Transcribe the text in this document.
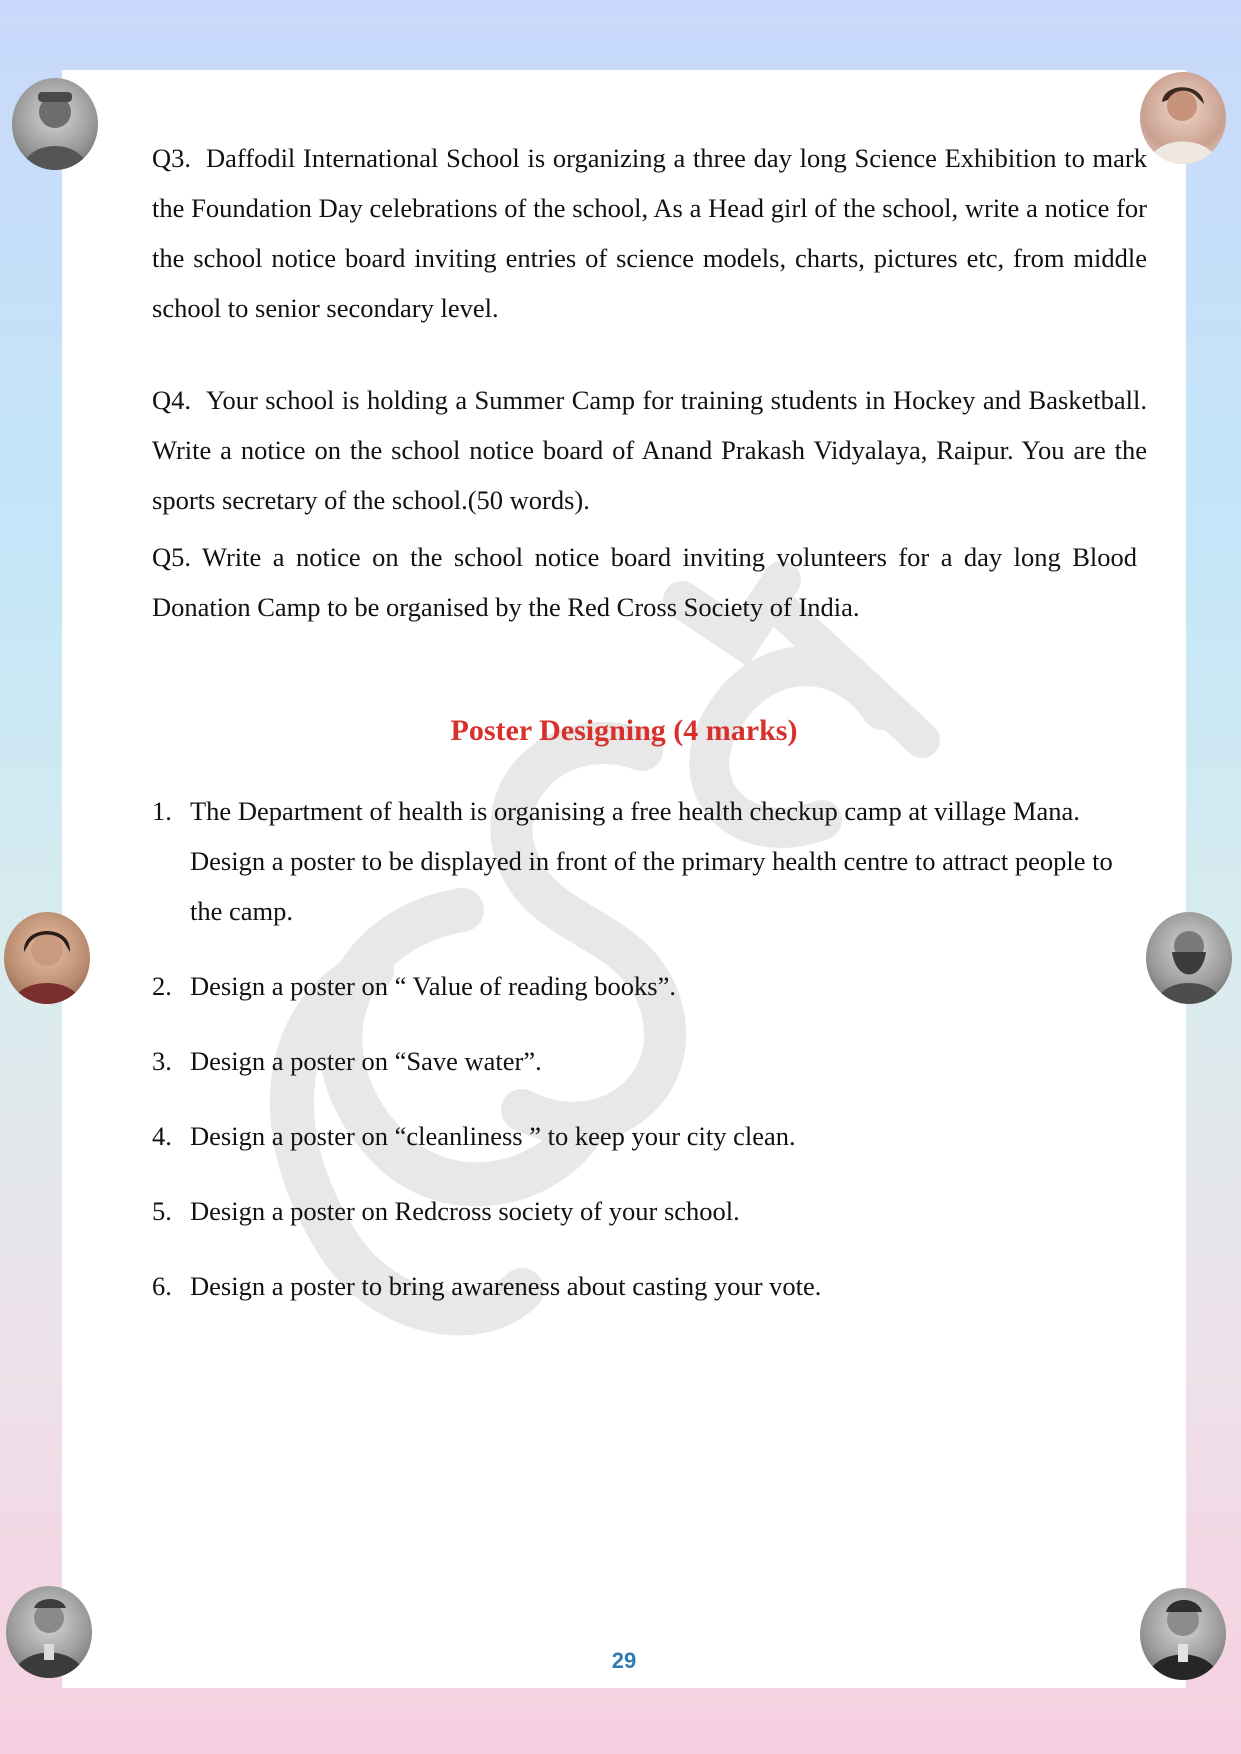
Q3. Daffodil International School is organizing a three day long Science Exhibition to mark the Foundation Day celebrations of the school, As a Head girl of the school, write a notice for the school notice board inviting entries of science models, charts, pictures etc, from middle school to senior secondary level.

Q4. Your school is holding a Summer Camp for training students in Hockey and Basketball. Write a notice on the school notice board of Anand Prakash Vidyalaya, Raipur. You are the sports secretary of the school.(50 words).

Q5. Write a notice on the school notice board inviting volunteers for a day long Blood Donation Camp to be organised by the Red Cross Society of India.

Poster Designing (4 marks)
1. The Department of health is organising a free health checkup camp at village Mana. Design a poster to be displayed in front of the primary health centre to attract people to the camp.
2. Design a poster on “ Value of reading books”.
3. Design a poster on “Save water”.
4. Design a poster on “cleanliness ” to keep your city clean.
5. Design a poster on Redcross society of your school.
6. Design a poster to bring awareness about casting your vote.
29
